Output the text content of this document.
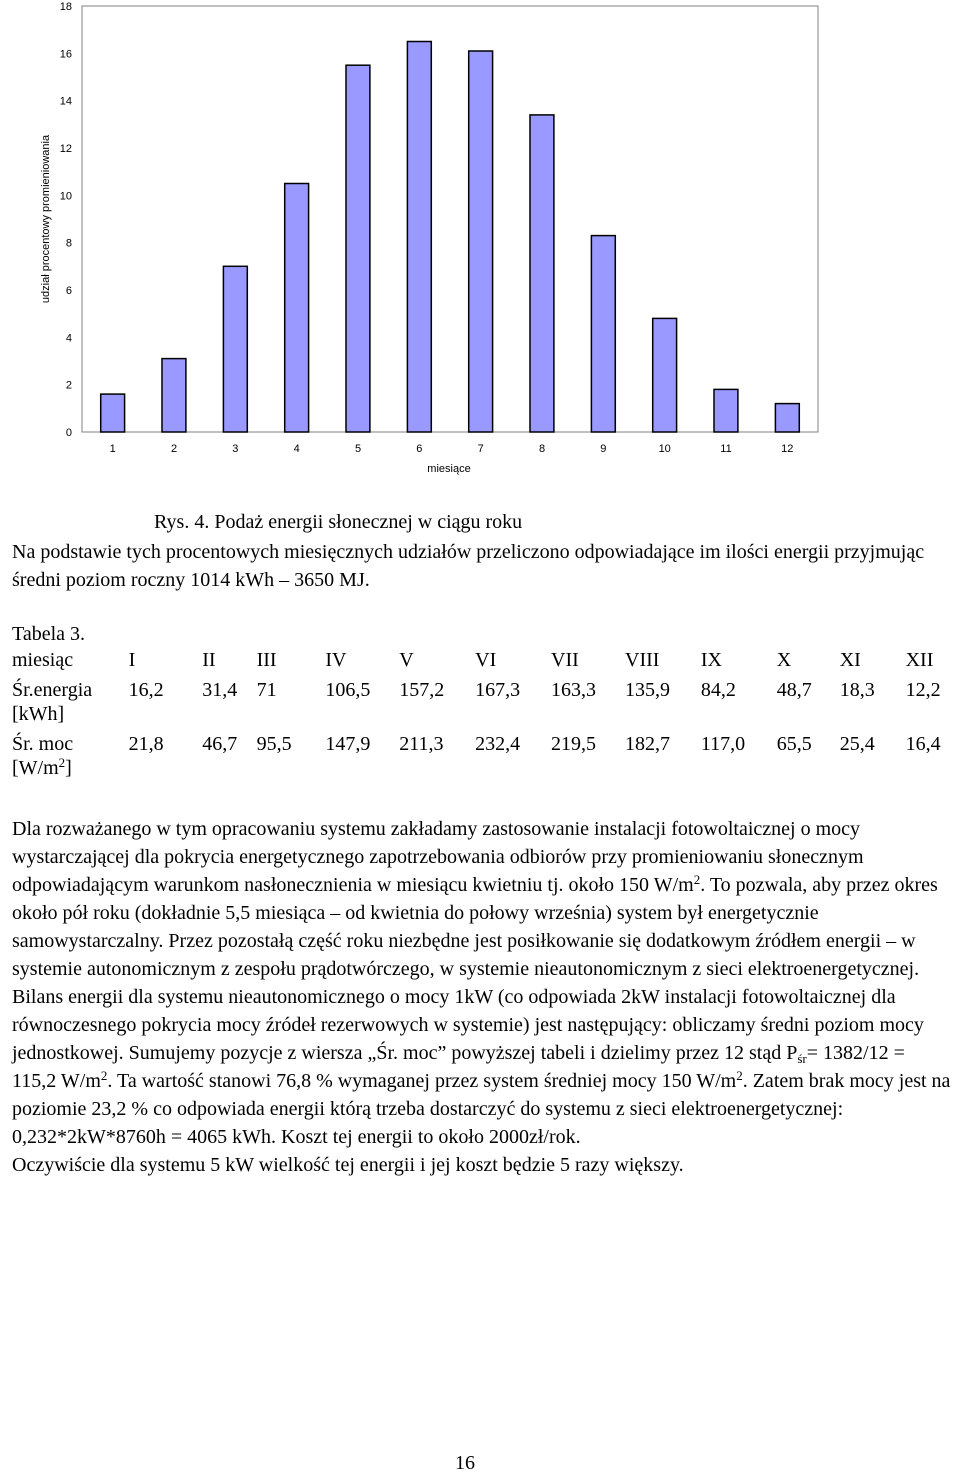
0
2
4
6
8
10
12
14
16
18
1	2	3	4	5	6	7	8	9	10	11	12
miesiące
udział procentowy promieniowania

Rys. 4. Podaż energii słonecznej w ciągu roku

Na podstawie tych procentowych miesięcznych udziałów przeliczono odpowiadające im ilości energii przyjmując średni poziom roczny 1014 kWh – 3650 MJ.

Tabela 3.

miesiąc	I	II	III	IV	V	VI	VII	VIII	IX	X	XI	XII
Śr.energia
[kWh]	16,2	31,4	71	106,5	157,2	167,3	163,3	135,9	84,2	48,7	18,3	12,2
Śr. moc
$[W/m^2]$	21,8	46,7	95,5	147,9	211,3	232,4	219,5	182,7	117,0	65,5	25,4	16,4

Dla rozważanego w tym opracowaniu systemu zakładamy zastosowanie instalacji fotowoltaicznej o mocy wystarczającej dla pokrycia energetycznego zapotrzebowania odbiorów przy promieniowaniu słonecznym odpowiadającym warunkom nasłonecznienia w miesiącu kwietniu tj. około 150 $W/m^2$. To pozwala, aby przez okres około pół roku (dokładnie 5,5 miesiąca – od kwietnia do połowy września) system był energetycznie samowystarczalny. Przez pozostałą część roku niezbędne jest posiłkowanie się dodatkowym źródłem energii – w systemie autonomicznym z zespołu prądotwórczego, w systemie nieautonomicznym z sieci elektroenergetycznej.

Bilans energii dla systemu nieautonomicznego o mocy 1kW (co odpowiada 2kW instalacji fotowoltaicznej dla równoczesnego pokrycia mocy źródeł rezerwowych w systemie) jest następujący: obliczamy średni poziom mocy jednostkowej. Sumujemy pozycje z wiersza „Śr. moc” powyższej tabeli i dzielimy przez 12 stąd $P_{śr}= 1382/12 = 115,2$ $W/m^2$. Ta wartość stanowi 76,8 % wymaganej przez system średniej mocy 150 $W/m^2$. Zatem brak mocy jest na poziomie 23,2 % co odpowiada energii którą trzeba dostarczyć do systemu z sieci elektroenergetycznej:

0,232*2kW*8760h = 4065 kWh. Koszt tej energii to około 2000zł/rok.

Oczywiście dla systemu 5 kW wielkość tej energii i jej koszt będzie 5 razy większy.

16
